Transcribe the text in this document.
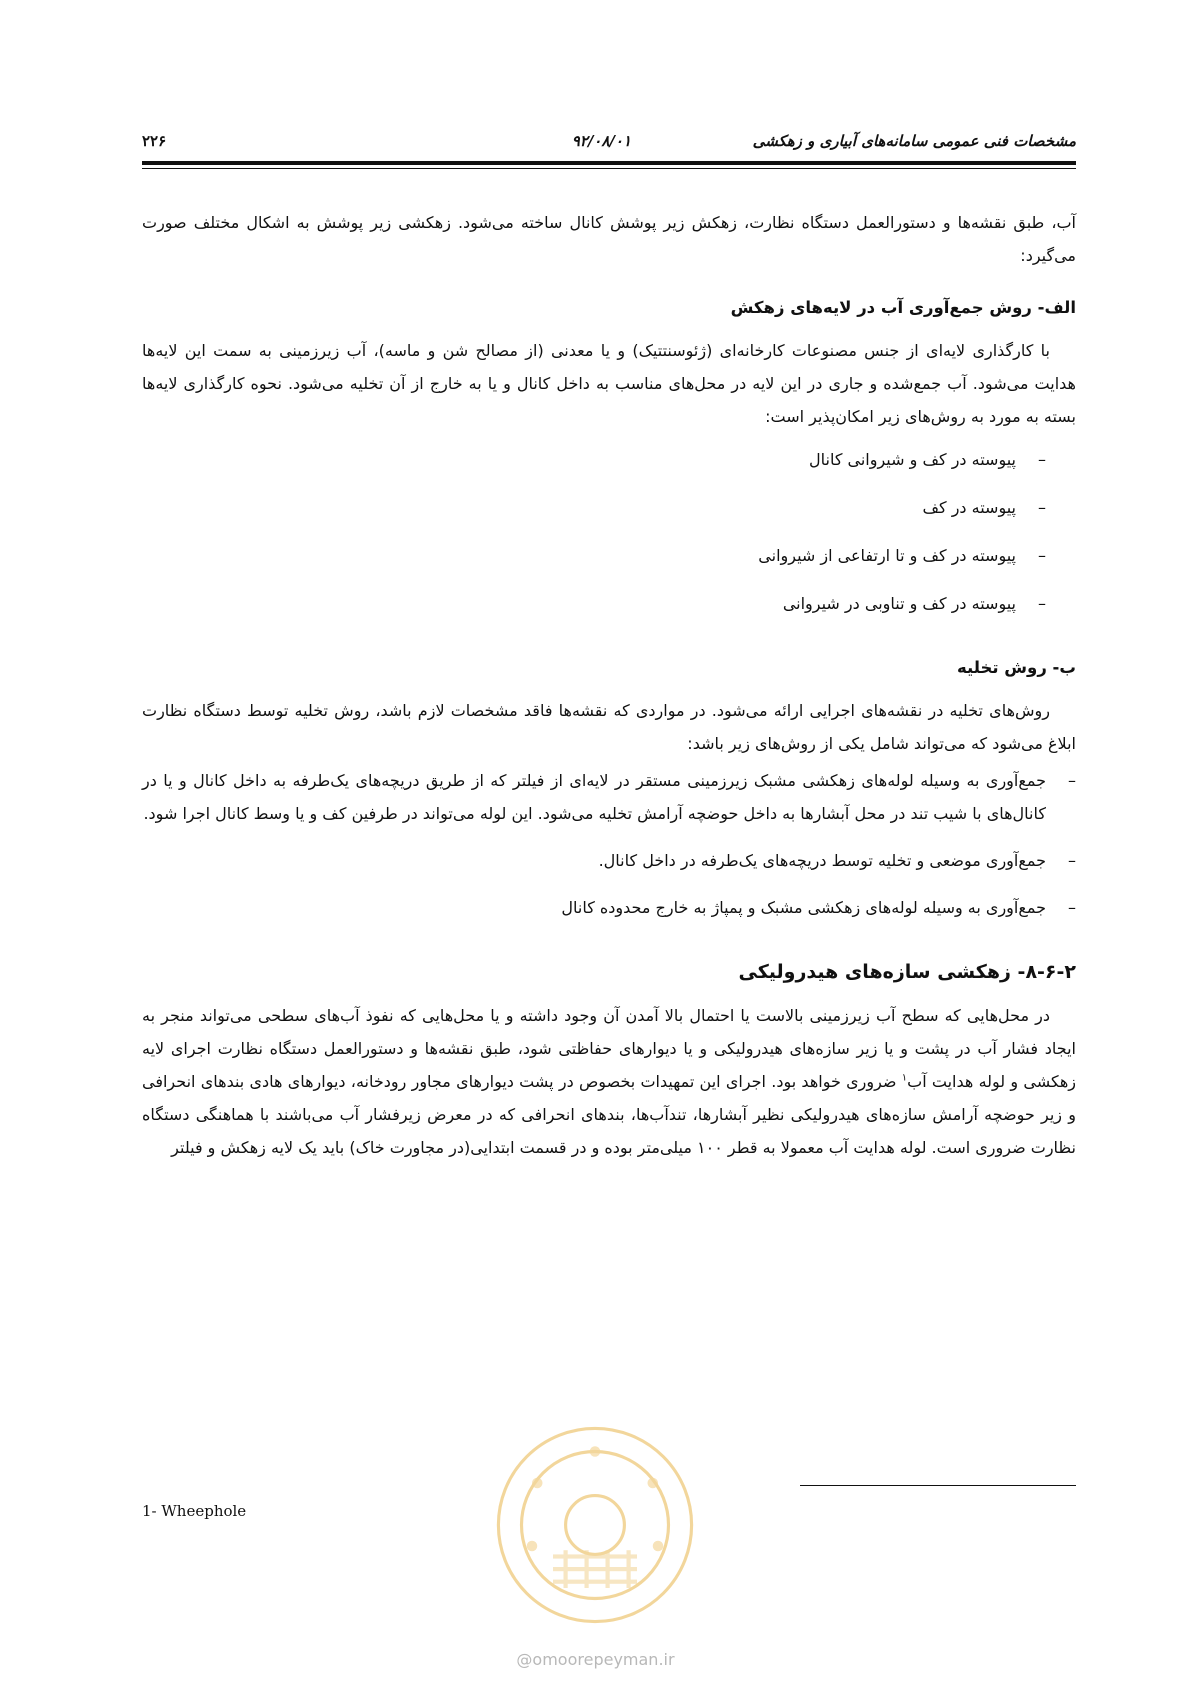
مشخصات فنی عمومی سامانه‌های آبیاری و زهکشی
۹۲/۰۸/۰۱
۲۲۶

آب، طبق نقشه‌ها و دستورالعمل دستگاه نظارت، زهکش زیر پوشش کانال ساخته می‌شود. زهکشی زیر پوشش به اشکال مختلف صورت می‌گیرد:

الف- روش جمع‌آوری آب در لایه‌های زهکش

با کارگذاری لایه‌ای از جنس مصنوعات کارخانه‌ای (ژئوسنتتیک) و یا معدنی (از مصالح شن و ماسه)، آب زیرزمینی به سمت این لایه‌ها هدایت می‌شود. آب جمع‌شده و جاری در این لایه در محل‌های مناسب به داخل کانال و یا به خارج از آن تخلیه می‌شود. نحوه کارگذاری لایه‌ها بسته به مورد به روش‌های زیر امکان‌پذیر است:

– پیوسته در کف و شیروانی کانال
– پیوسته در کف
– پیوسته در کف و تا ارتفاعی از شیروانی
– پیوسته در کف و تناوبی در شیروانی

ب- روش تخلیه

روش‌های تخلیه در نقشه‌های اجرایی ارائه می‌شود. در مواردی که نقشه‌ها فاقد مشخصات لازم باشد، روش تخلیه توسط دستگاه نظارت ابلاغ می‌شود که می‌تواند شامل یکی از روش‌های زیر باشد:

– جمع‌آوری به وسیله لوله‌های زهکشی مشبک زیرزمینی مستقر در لایه‌ای از فیلتر که از طریق دریچه‌های یک‌طرفه به داخل کانال و یا در کانال‌های با شیب تند در محل آبشارها به داخل حوضچه آرامش تخلیه می‌شود. این لوله می‌تواند در طرفین کف و یا وسط کانال اجرا شود.
– جمع‌آوری موضعی و تخلیه توسط دریچه‌های یک‌طرفه در داخل کانال.
– جمع‌آوری به وسیله لوله‌های زهکشی مشبک و پمپاژ به خارج محدوده کانال

۸-۶-۲- زهکشی سازه‌های هیدرولیکی

در محل‌هایی که سطح آب زیرزمینی بالاست یا احتمال بالا آمدن آن وجود داشته و یا محل‌هایی که نفوذ آب‌های سطحی می‌تواند منجر به ایجاد فشار آب در پشت و یا زیر سازه‌های هیدرولیکی و یا دیوارهای حفاظتی شود، طبق نقشه‌ها و دستورالعمل دستگاه نظارت اجرای لایه زهکشی و لوله هدایت آب$^۱$ ضروری خواهد بود. اجرای این تمهیدات بخصوص در پشت دیوارهای مجاور رودخانه، دیوارهای هادی بندهای انحرافی و زیر حوضچه آرامش سازه‌های هیدرولیکی نظیر آبشارها، تندآب‌ها، بندهای انحرافی که در معرض زیرفشار آب می‌باشند با هماهنگی دستگاه نظارت ضروری است. لوله هدایت آب معمولا به قطر ۱۰۰ میلی‌متر بوده و در قسمت ابتدایی(در مجاورت خاک) باید یک لایه زهکش و فیلتر

1- Wheephole
@omoorepeyman.ir
